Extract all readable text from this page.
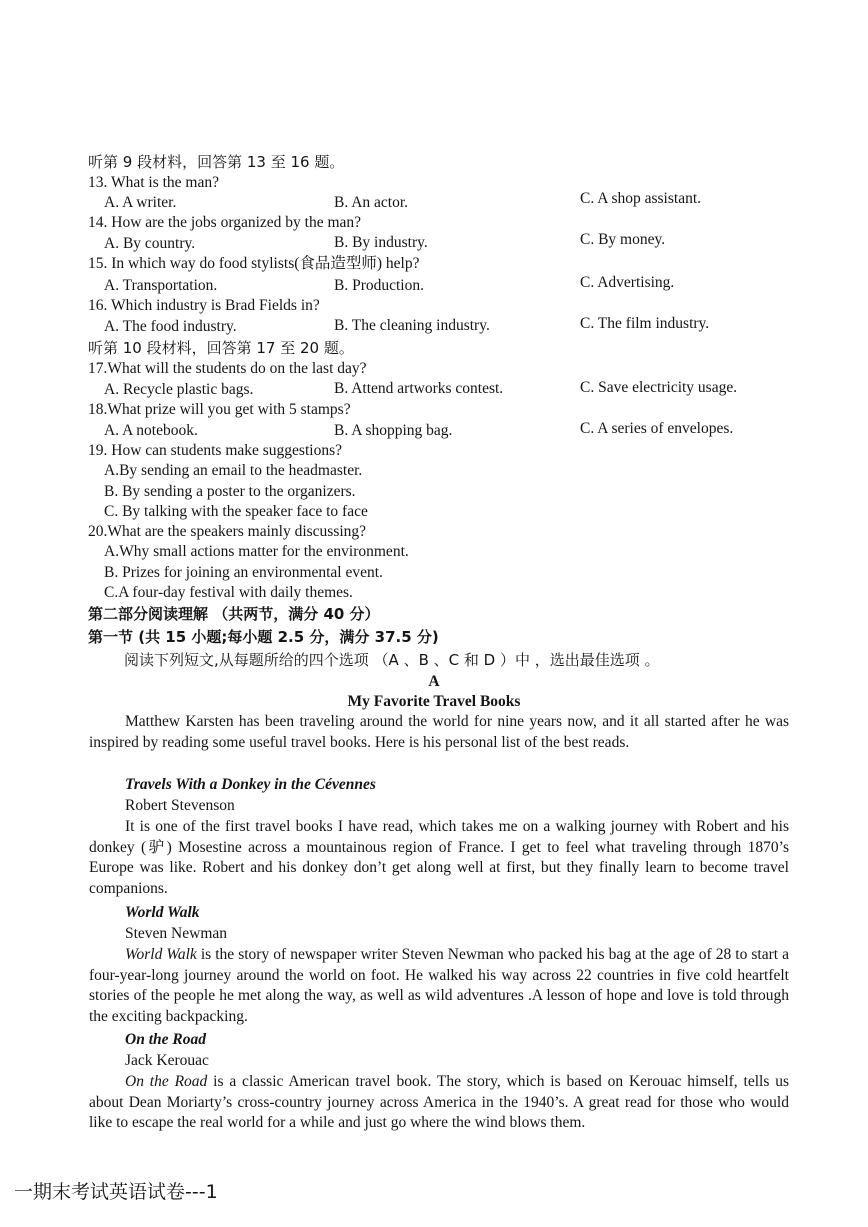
听第 9 段材料，回答第 13 至 16 题。
13. What is the man?
A. A writer.	B. An actor.	C. A shop assistant.
14. How are the jobs organized by the man?
A. By country.	B. By industry.	C. By money.
15. In which way do food stylists(食品造型师) help?
A. Transportation.	B. Production.	C. Advertising.
16. Which industry is Brad Fields in?
A. The food industry.	B. The cleaning industry.	C. The film industry.
听第 10 段材料，回答第 17 至 20 题。
17.What will the students do on the last day?
A. Recycle plastic bags.	B. Attend artworks contest.	C. Save electricity usage.
18.What prize will you get with 5 stamps?
A. A notebook.	B. A shopping bag.	C. A series of envelopes.
19. How can students make suggestions?
A.By sending an email to the headmaster.
B. By sending a poster to the organizers.
C. By talking with the speaker face to face
20.What are the speakers mainly discussing?
A.Why small actions matter for the environment.
B. Prizes for joining an environmental event.
C.A four-day festival with daily themes.
第二部分阅读理解 （共两节，满分 40 分）
第一节 (共 15 小题;每小题 2.5 分，满分 37.5 分)
阅读下列短文,从每题所给的四个选项 （A 、B 、C 和 D ）中 ，选出最佳选项 。
A
My Favorite Travel Books

Matthew Karsten has been traveling around the world for nine years now, and it all started after he was inspired by reading some useful travel books. Here is his personal list of the best reads.

Travels With a Donkey in the Cévennes
Robert Stevenson

It is one of the first travel books I have read, which takes me on a walking journey with Robert and his donkey (驴) Mosestine across a mountainous region of France. I get to feel what traveling through 1870’s Europe was like. Robert and his donkey don’t get along well at first, but they finally learn to become travel companions.

World Walk
Steven Newman

World Walk is the story of newspaper writer Steven Newman who packed his bag at the age of 28 to start a four-year-long journey around the world on foot. He walked his way across 22 countries in five cold heartfelt stories of the people he met along the way, as well as wild adventures .A lesson of hope and love is told through the exciting backpacking.

On the Road
Jack Kerouac

On the Road is a classic American travel book. The story, which is based on Kerouac himself, tells us about Dean Moriarty’s cross-country journey across America in the 1940’s. A great read for those who would like to escape the real world for a while and just go where the wind blows them.

一期末考试英语试卷---1
